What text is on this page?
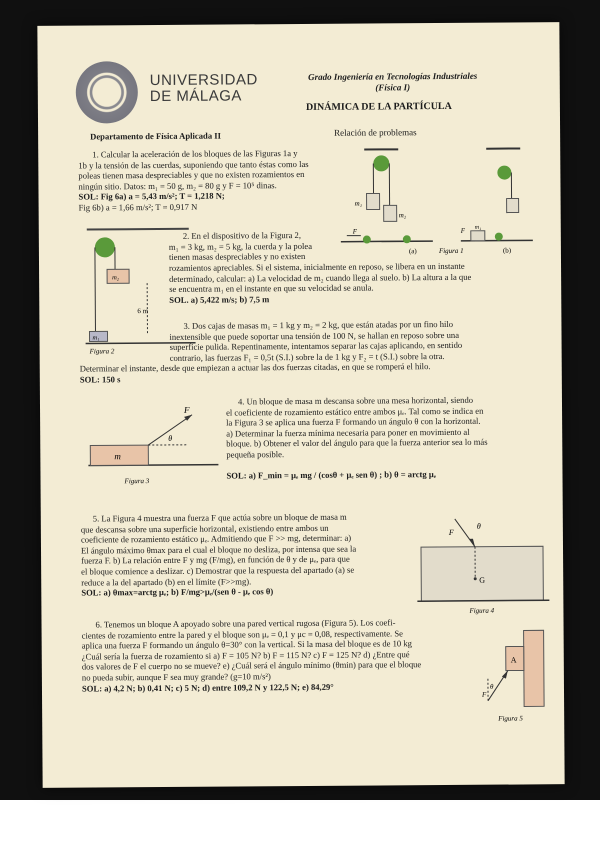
UNIVERSIDAD
DE MÁLAGA
Grado Ingeniería en Tecnologías Industriales
(Física I)
DINÁMICA DE LA PARTÍCULA
Departamento de Física Aplicada II	Relación de problemas
1. Calcular la aceleración de los bloques de las Figuras 1a y
1b y la tensión de las cuerdas, suponiendo que tanto éstas como las
poleas tienen masa despreciables y que no existen rozamientos en
ningún sitio. Datos: m₁ = 50 g, m₂ = 80 g y F = 10⁵ dinas.
SOL: Fig 6a) a = 5,43 m/s²; T = 1,218 N;
Fig 6b) a = 1,66 m/s²; T = 0,917 N	m₁
m₂
F
(a)
F m₁
(b)
Figura 1
m₂
6 m
m₁
Figura 2
2. En el dispositivo de la Figura 2,
m₁ = 3 kg, m₂ = 5 kg, la cuerda y la polea
tienen masas despreciables y no existen
rozamientos apreciables. Si el sistema, inicialmente en reposo, se libera en un instante
determinado, calcular: a) La velocidad de m₂ cuando llega al suelo. b) La altura a la que
se encuentra m₁ en el instante en que su velocidad se anula.
SOL. a) 5,422 m/s; b) 7,5 m
3. Dos cajas de masas m₁ = 1 kg y m₂ = 2 kg, que están atadas por un fino hilo
inextensible que puede soportar una tensión de 100 N, se hallan en reposo sobre una
superficie pulida. Repentinamente, intentamos separar las cajas aplicando, en sentido
contrario, las fuerzas F₁ = 0,5t (S.I.) sobre la de 1 kg y F₂ = t (S.I.) sobre la otra.
Determinar el instante, desde que empiezan a actuar las dos fuerzas citadas, en que se romperá el hilo.
SOL: 150 s
m
F
θ
Figura 3
4. Un bloque de masa m descansa sobre una mesa horizontal, siendo
el coeficiente de rozamiento estático entre ambos μₑ. Tal como se indica en
la Figura 3 se aplica una fuerza F formando un ángulo θ con la horizontal.
a) Determinar la fuerza mínima necesaria para poner en movimiento al
bloque. b) Obtener el valor del ángulo para que la fuerza anterior sea lo más
pequeña posible.
SOL: a) F_min = μₑ mg / (cosθ + μₑ sen θ) ; b) θ = arctg μₑ
5. La Figura 4 muestra una fuerza F que actúa sobre un bloque de masa m
que descansa sobre una superficie horizontal, existiendo entre ambos un
coeficiente de rozamiento estático μₑ. Admitiendo que F >> mg, determinar: a)
El ángulo máximo θmax para el cual el bloque no desliza, por intensa que sea la
fuerza F. b) La relación entre F y mg (F/mg), en función de θ y de μₑ, para que
el bloque comience a deslizar. c) Demostrar que la respuesta del apartado (a) se
reduce a la del apartado (b) en el límite (F>>mg).
SOL: a) θmax=arctg μₑ; b) F/mg>μₑ/(sen θ - μₑ cos θ)
F
θ
G
Figura 4
6. Tenemos un bloque A apoyado sobre una pared vertical rugosa (Figura 5). Los coefi-
cientes de rozamiento entre la pared y el bloque son μₑ = 0,1 y μc = 0,08, respectivamente. Se
aplica una fuerza F formando un ángulo θ=30° con la vertical. Si la masa del bloque es de 10 kg
¿Cuál sería la fuerza de rozamiento si a) F = 105 N? b) F = 115 N? c) F = 125 N? d) ¿Entre qué
dos valores de F el cuerpo no se mueve? e) ¿Cuál será el ángulo mínimo (θmin) para que el bloque
no pueda subir, aunque F sea muy grande? (g=10 m/s²)
SOL: a) 4,2 N; b) 0,41 N; c) 5 N; d) entre 109,2 N y 122,5 N; e) 84,29°
A
F
θ
Figura 5
